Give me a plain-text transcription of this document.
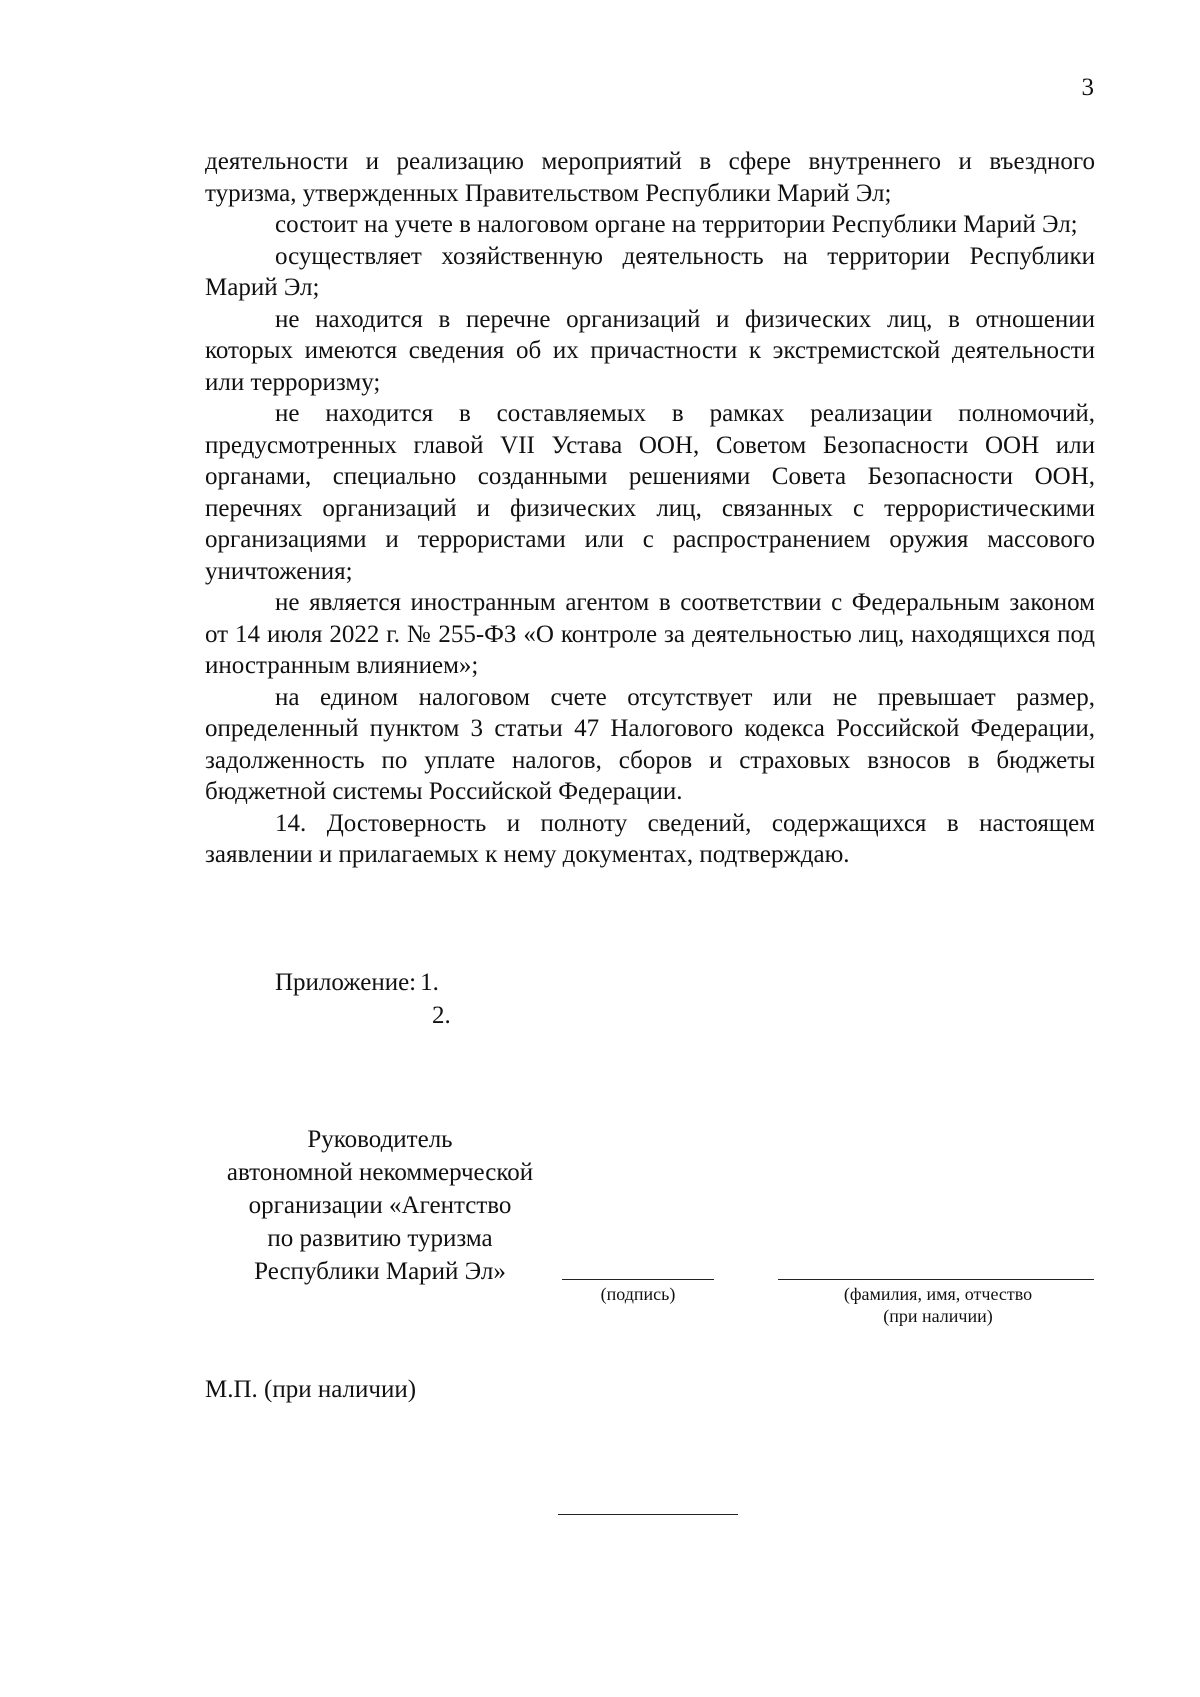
3

деятельности и реализацию мероприятий в сфере внутреннего и въездного туризма, утвержденных Правительством Республики Марий Эл;

состоит на учете в налоговом органе на территории Республики Марий Эл;

осуществляет хозяйственную деятельность на территории Республики Марий Эл;

не находится в перечне организаций и физических лиц, в отношении которых имеются сведения об их причастности к экстремистской деятельности или терроризму;

не находится в составляемых в рамках реализации полномочий, предусмотренных главой VII Устава ООН, Советом Безопасности ООН или органами, специально созданными решениями Совета Безопасности ООН, перечнях организаций и физических лиц, связанных с террористическими организациями и террористами или с распространением оружия массового уничтожения;

не является иностранным агентом в соответствии с Федеральным законом от 14 июля 2022 г. № 255-ФЗ «О контроле за деятельностью лиц, находящихся под иностранным влиянием»;

на едином налоговом счете отсутствует или не превышает размер, определенный пунктом 3 статьи 47 Налогового кодекса Российской Федерации, задолженность по уплате налогов, сборов и страховых взносов в бюджеты бюджетной системы Российской Федерации.

14. Достоверность и полноту сведений, содержащихся в настоящем заявлении и прилагаемых к нему документах, подтверждаю.

Приложение: 1.
2.
Руководитель
автономной некоммерческой
организации «Агентство
по развитию туризма
Республики Марий Эл»
(подпись)	(фамилия, имя, отчество
(при наличии)
М.П. (при наличии)
